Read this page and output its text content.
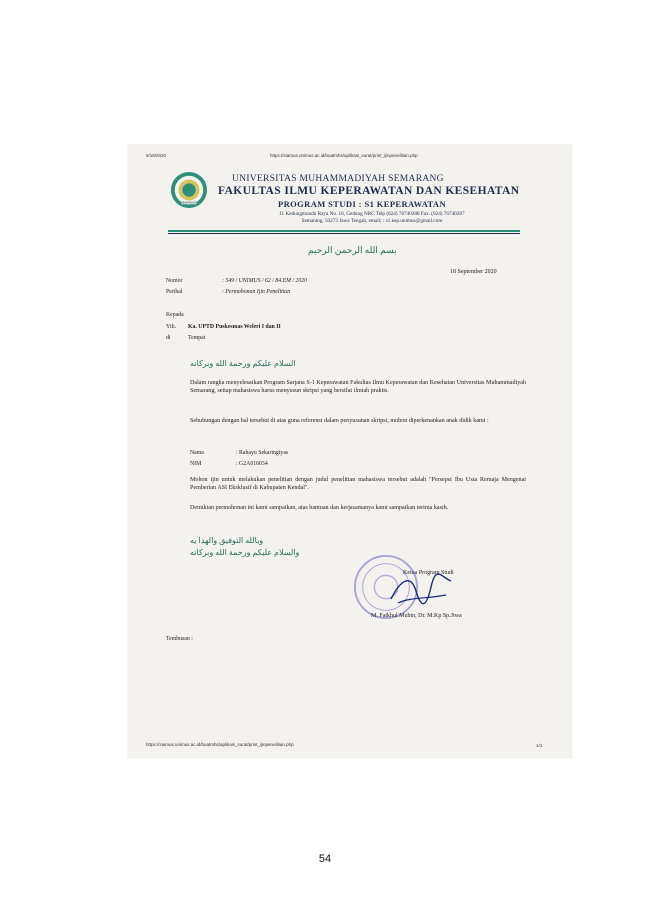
9/18/2020	https://siamus.unimus.ac.id/buatmhs/aplikasi_surat/print_ijinpenelitian.php
SEMARANG
UNIVERSITAS MUHAMMADIYAH SEMARANG
FAKULTAS ILMU KEPERAWATAN DAN KESEHATAN
PROGRAM STUDI : S1 KEPERAWATAN
Jl. Kedungmundu Raya No. 18, Gedung NRC Telp (024) 76740288 Fax. (024) 76740287
Semarang, 50273 Jawa Tengah, email; : s1.kep.unimus@gmail.com
بسم الله الرحمن الرحيم
18 September 2020
Nomor	: 549 / UNIMUS / 62 / 84.EM / 2020
Perihal	: Permohonan Ijin Penelitian
Kepada
Yth. Ka. UPTD Puskesmas Weleri I dan II
di	Tempat
السلام عليكم ورحمة الله وبركاته
Dalam rangka menyelesaikan Program Sarjana S-1 Keperawatan Fakultas Ilmu Keperawatan dan Kesehatan Universitas Muhammadiyah Semarang, setiap mahasiswa harus menyusun skripsi yang bersifat ilmiah praktis.
Sehubungan dengan hal tersebut di atas guna referensi dalam penyusunan skripsi, mohon diperkenankan anak didik kami :
Nama	: Rahayu Sekaringtyas
NIM	: G2A016034
Mohon ijin untuk melakukan penelitian dengan judul penelitian mahasiswa tersebut adalah "Persepsi Ibu Usia Remaja Mengenai Pemberian ASI Eksklusif di Kabupaten Kendal".
Demikian permohonan ini kami sampaikan, atas bantuan dan kerjasamanya kami sampaikan terima kasih.
وبالله التوفيق والهدا يه
والسلام عليكم ورحمة الله وبركاته
Ketua Program Studi
M. Fatkhul Mubin, Dr. M.Kp Sp.Jiwa
Tembusan :
https://siamus.unimus.ac.id/buatmhs/aplikasi_surat/print_ijinpenelitian.php	1/1
54
